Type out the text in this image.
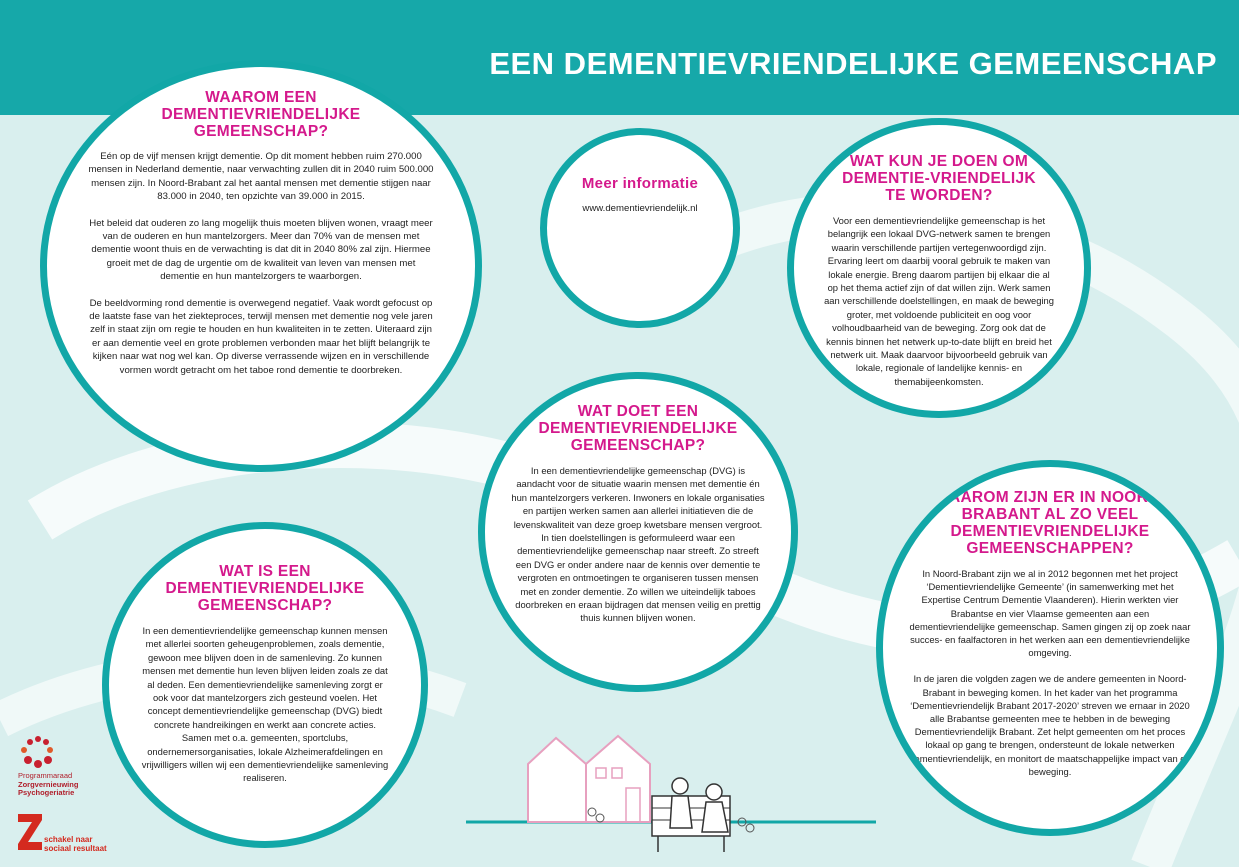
EEN DEMENTIEVRIENDELIJKE GEMEENSCHAP
WAAROM EEN DEMENTIEVRIENDELIJKE GEMEENSCHAP?

Eén op de vijf mensen krijgt dementie. Op dit moment hebben ruim 270.000 mensen in Nederland dementie, naar verwachting zullen dit in 2040 ruim 500.000 mensen zijn. In Noord-Brabant zal het aantal mensen met dementie stijgen naar 83.000 in 2040, ten opzichte van 39.000 in 2015.

Het beleid dat ouderen zo lang mogelijk thuis moeten blijven wonen, vraagt meer van de ouderen en hun mantelzorgers. Meer dan 70% van de mensen met dementie woont thuis en de verwachting is dat dit in 2040 80% zal zijn. Hiermee groeit met de dag de urgentie om de kwaliteit van leven van mensen met dementie en hun mantelzorgers te waarborgen.

De beeldvorming rond dementie is overwegend negatief. Vaak wordt gefocust op de laatste fase van het ziekteproces, terwijl mensen met dementie nog vele jaren zelf in staat zijn om regie te houden en hun kwaliteiten in te zetten. Uiteraard zijn er aan dementie veel en grote problemen verbonden maar het blijft belangrijk te kijken naar wat nog wel kan. Op diverse verrassende wijzen en in verschillende vormen wordt getracht om het taboe rond dementie te doorbreken.

Meer informatie

www.dementievriendelijk.nl

WAT KUN JE DOEN OM DEMENTIE-VRIENDELIJK TE WORDEN?

Voor een dementievriendelijke gemeenschap is het belangrijk een lokaal DVG-netwerk samen te brengen waarin verschillende partijen vertegenwoordigd zijn. Ervaring leert om daarbij vooral gebruik te maken van lokale energie. Breng daarom partijen bij elkaar die al op het thema actief zijn of dat willen zijn. Werk samen aan verschillende doelstellingen, en maak de beweging groter, met voldoende publiciteit en oog voor volhoudbaarheid van de beweging. Zorg ook dat de kennis binnen het netwerk up-to-date blijft en breid het netwerk uit. Maak daarvoor bijvoorbeeld gebruik van lokale, regionale of landelijke kennis- en themabijeenkomsten.

WAT DOET EEN DEMENTIEVRIENDELIJKE GEMEENSCHAP?

In een dementievriendelijke gemeenschap (DVG) is aandacht voor de situatie waarin mensen met dementie én hun mantelzorgers verkeren. Inwoners en lokale organisaties en partijen werken samen aan allerlei initiatieven die de levenskwaliteit van deze groep kwetsbare mensen vergroot. In tien doelstellingen is geformuleerd waar een dementievriendelijke gemeenschap naar streeft. Zo streeft een DVG er onder andere naar de kennis over dementie te vergroten en ontmoetingen te organiseren tussen mensen met en zonder dementie. Zo willen we uiteindelijk taboes doorbreken en eraan bijdragen dat mensen veilig en prettig thuis kunnen blijven wonen.

WAT IS EEN DEMENTIEVRIENDELIJKE GEMEENSCHAP?

In een dementievriendelijke gemeenschap kunnen mensen met allerlei soorten geheugenproblemen, zoals dementie, gewoon mee blijven doen in de samenleving. Zo kunnen mensen met dementie hun leven blijven leiden zoals ze dat al deden. Een dementievriendelijke samenleving zorgt er ook voor dat mantelzorgers zich gesteund voelen. Het concept dementievriendelijke gemeenschap (DVG) biedt concrete handreikingen en werkt aan concrete acties. Samen met o.a. gemeenten, sportclubs, ondernemersorganisaties, lokale Alzheimerafdelingen en vrijwilligers willen wij een dementievriendelijke samenleving realiseren.

WAAROM ZIJN ER IN NOORD-BRABANT AL ZO VEEL DEMENTIEVRIENDELIJKE GEMEENSCHAPPEN?

In Noord-Brabant zijn we al in 2012 begonnen met het project ‘Dementievriendelijke Gemeente’ (in samenwerking met het Expertise Centrum Dementie Vlaanderen). Hierin werkten vier Brabantse en vier Vlaamse gemeenten aan een dementievriendelijke gemeenschap. Samen gingen zij op zoek naar succes- en faalfactoren in het werken aan een dementievriendelijke omgeving.

In de jaren die volgden zagen we de andere gemeenten in Noord-Brabant in beweging komen. In het kader van het programma ‘Dementievriendelijk Brabant 2017-2020’ streven we ernaar in 2020 alle Brabantse gemeenten mee te hebben in de beweging Dementievriendelijk Brabant. Zet helpt gemeenten om het proces lokaal op gang te brengen, ondersteunt de lokale netwerken dementievriendelijk, en monitort de maatschappelijke impact van de beweging.

Programmaraad
Zorgvernieuwing
Psychogeriatrie
schakel naar
sociaal resultaat
